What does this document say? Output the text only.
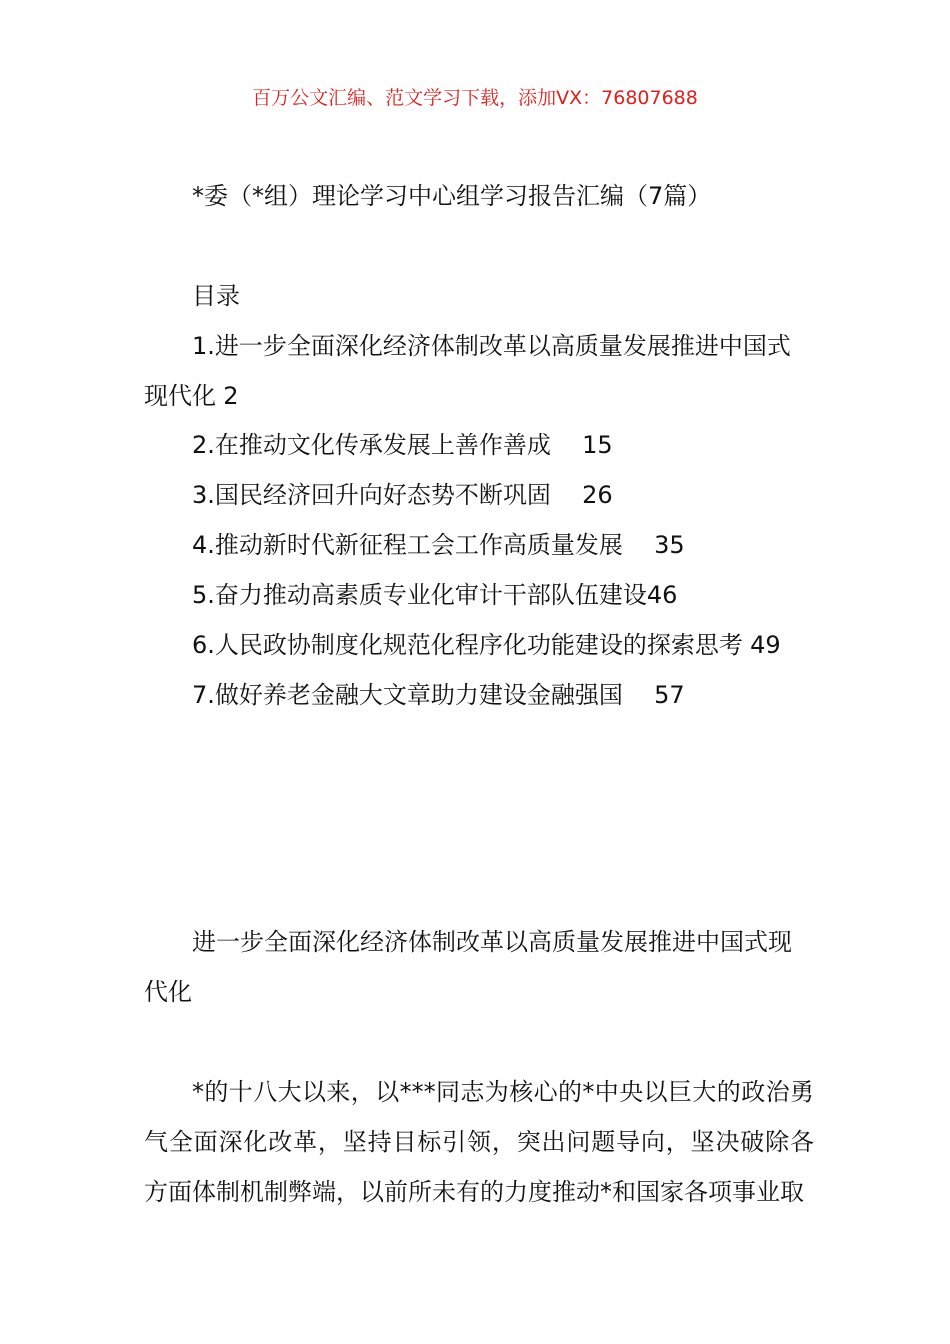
百万公文汇编、范文学习下载，添加VX：76807688
*委（*组）理论学习中心组学习报告汇编（7篇）
目录
1.进一步全面深化经济体制改革以高质量发展推进中国式现代化 2
2.在推动文化传承发展上善作善成 15
3.国民经济回升向好态势不断巩固 26
4.推动新时代新征程工会工作高质量发展 35
5.奋力推动高素质专业化审计干部队伍建设46
6.人民政协制度化规范化程序化功能建设的探索思考 49
7.做好养老金融大文章助力建设金融强国 57
进一步全面深化经济体制改革以高质量发展推进中国式现代化
*的十八大以来，以***同志为核心的*中央以巨大的政治勇气全面深化改革，坚持目标引领，突出问题导向，坚决破除各方面体制机制弊端，以前所未有的力度推动*和国家各项事业取
